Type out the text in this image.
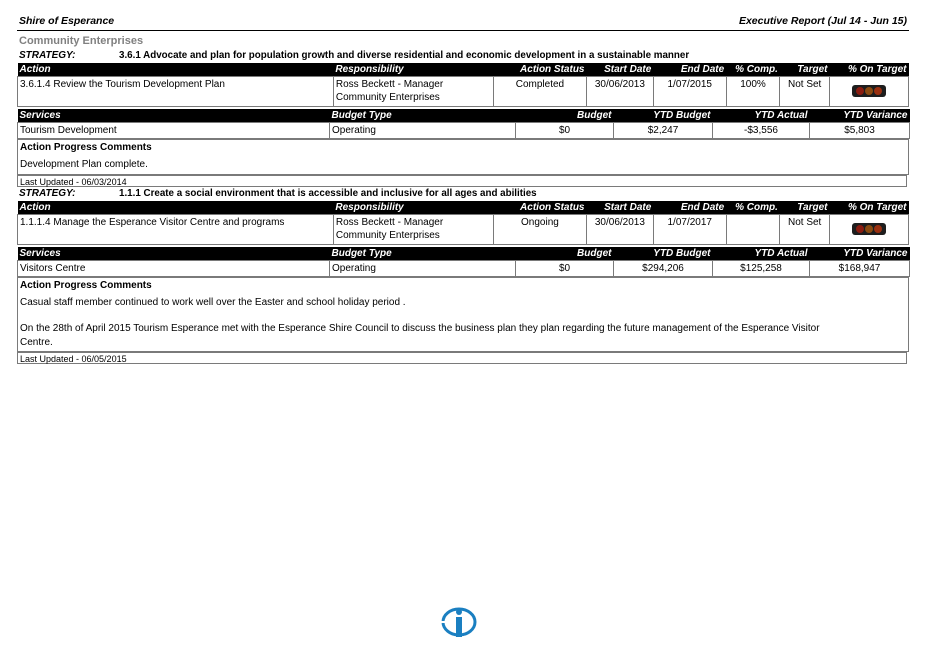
Shire of Esperance	Executive Report (Jul 14 - Jun 15)
Community Enterprises
STRATEGY:	3.6.1 Advocate and plan for population growth and diverse residential and economic development in a sustainable manner
Action	Responsibility	Action Status	Start Date	End Date	% Comp.	Target	% On Target
3.6.1.4 Review the Tourism Development Plan	Ross Beckett - Manager
Community Enterprises	Completed	30/06/2013	1/07/2015	100%	Not Set	
Services	Budget Type	Budget	YTD Budget	YTD Actual	YTD Variance
Tourism Development	Operating	$0	$2,247	-$3,556	$5,803
Action Progress Comments

Development Plan complete.

Last Updated - 06/03/2014
STRATEGY:	1.1.1 Create a social environment that is accessible and inclusive for all ages and abilities
Action	Responsibility	Action Status	Start Date	End Date	% Comp.	Target	% On Target
1.1.1.4 Manage the Esperance Visitor Centre and programs	Ross Beckett - Manager
Community Enterprises	Ongoing	30/06/2013	1/07/2017		Not Set	
Services	Budget Type	Budget	YTD Budget	YTD Actual	YTD Variance
Visitors Centre	Operating	$0	$294,206	$125,258	$168,947
Action Progress Comments

Casual staff member continued to work well over the Easter and school holiday period .

On the 28th of April 2015 Tourism Esperance met with the Esperance Shire Council to discuss the business plan they plan regarding the future management of the Esperance Visitor Centre.

Last Updated - 06/05/2015
